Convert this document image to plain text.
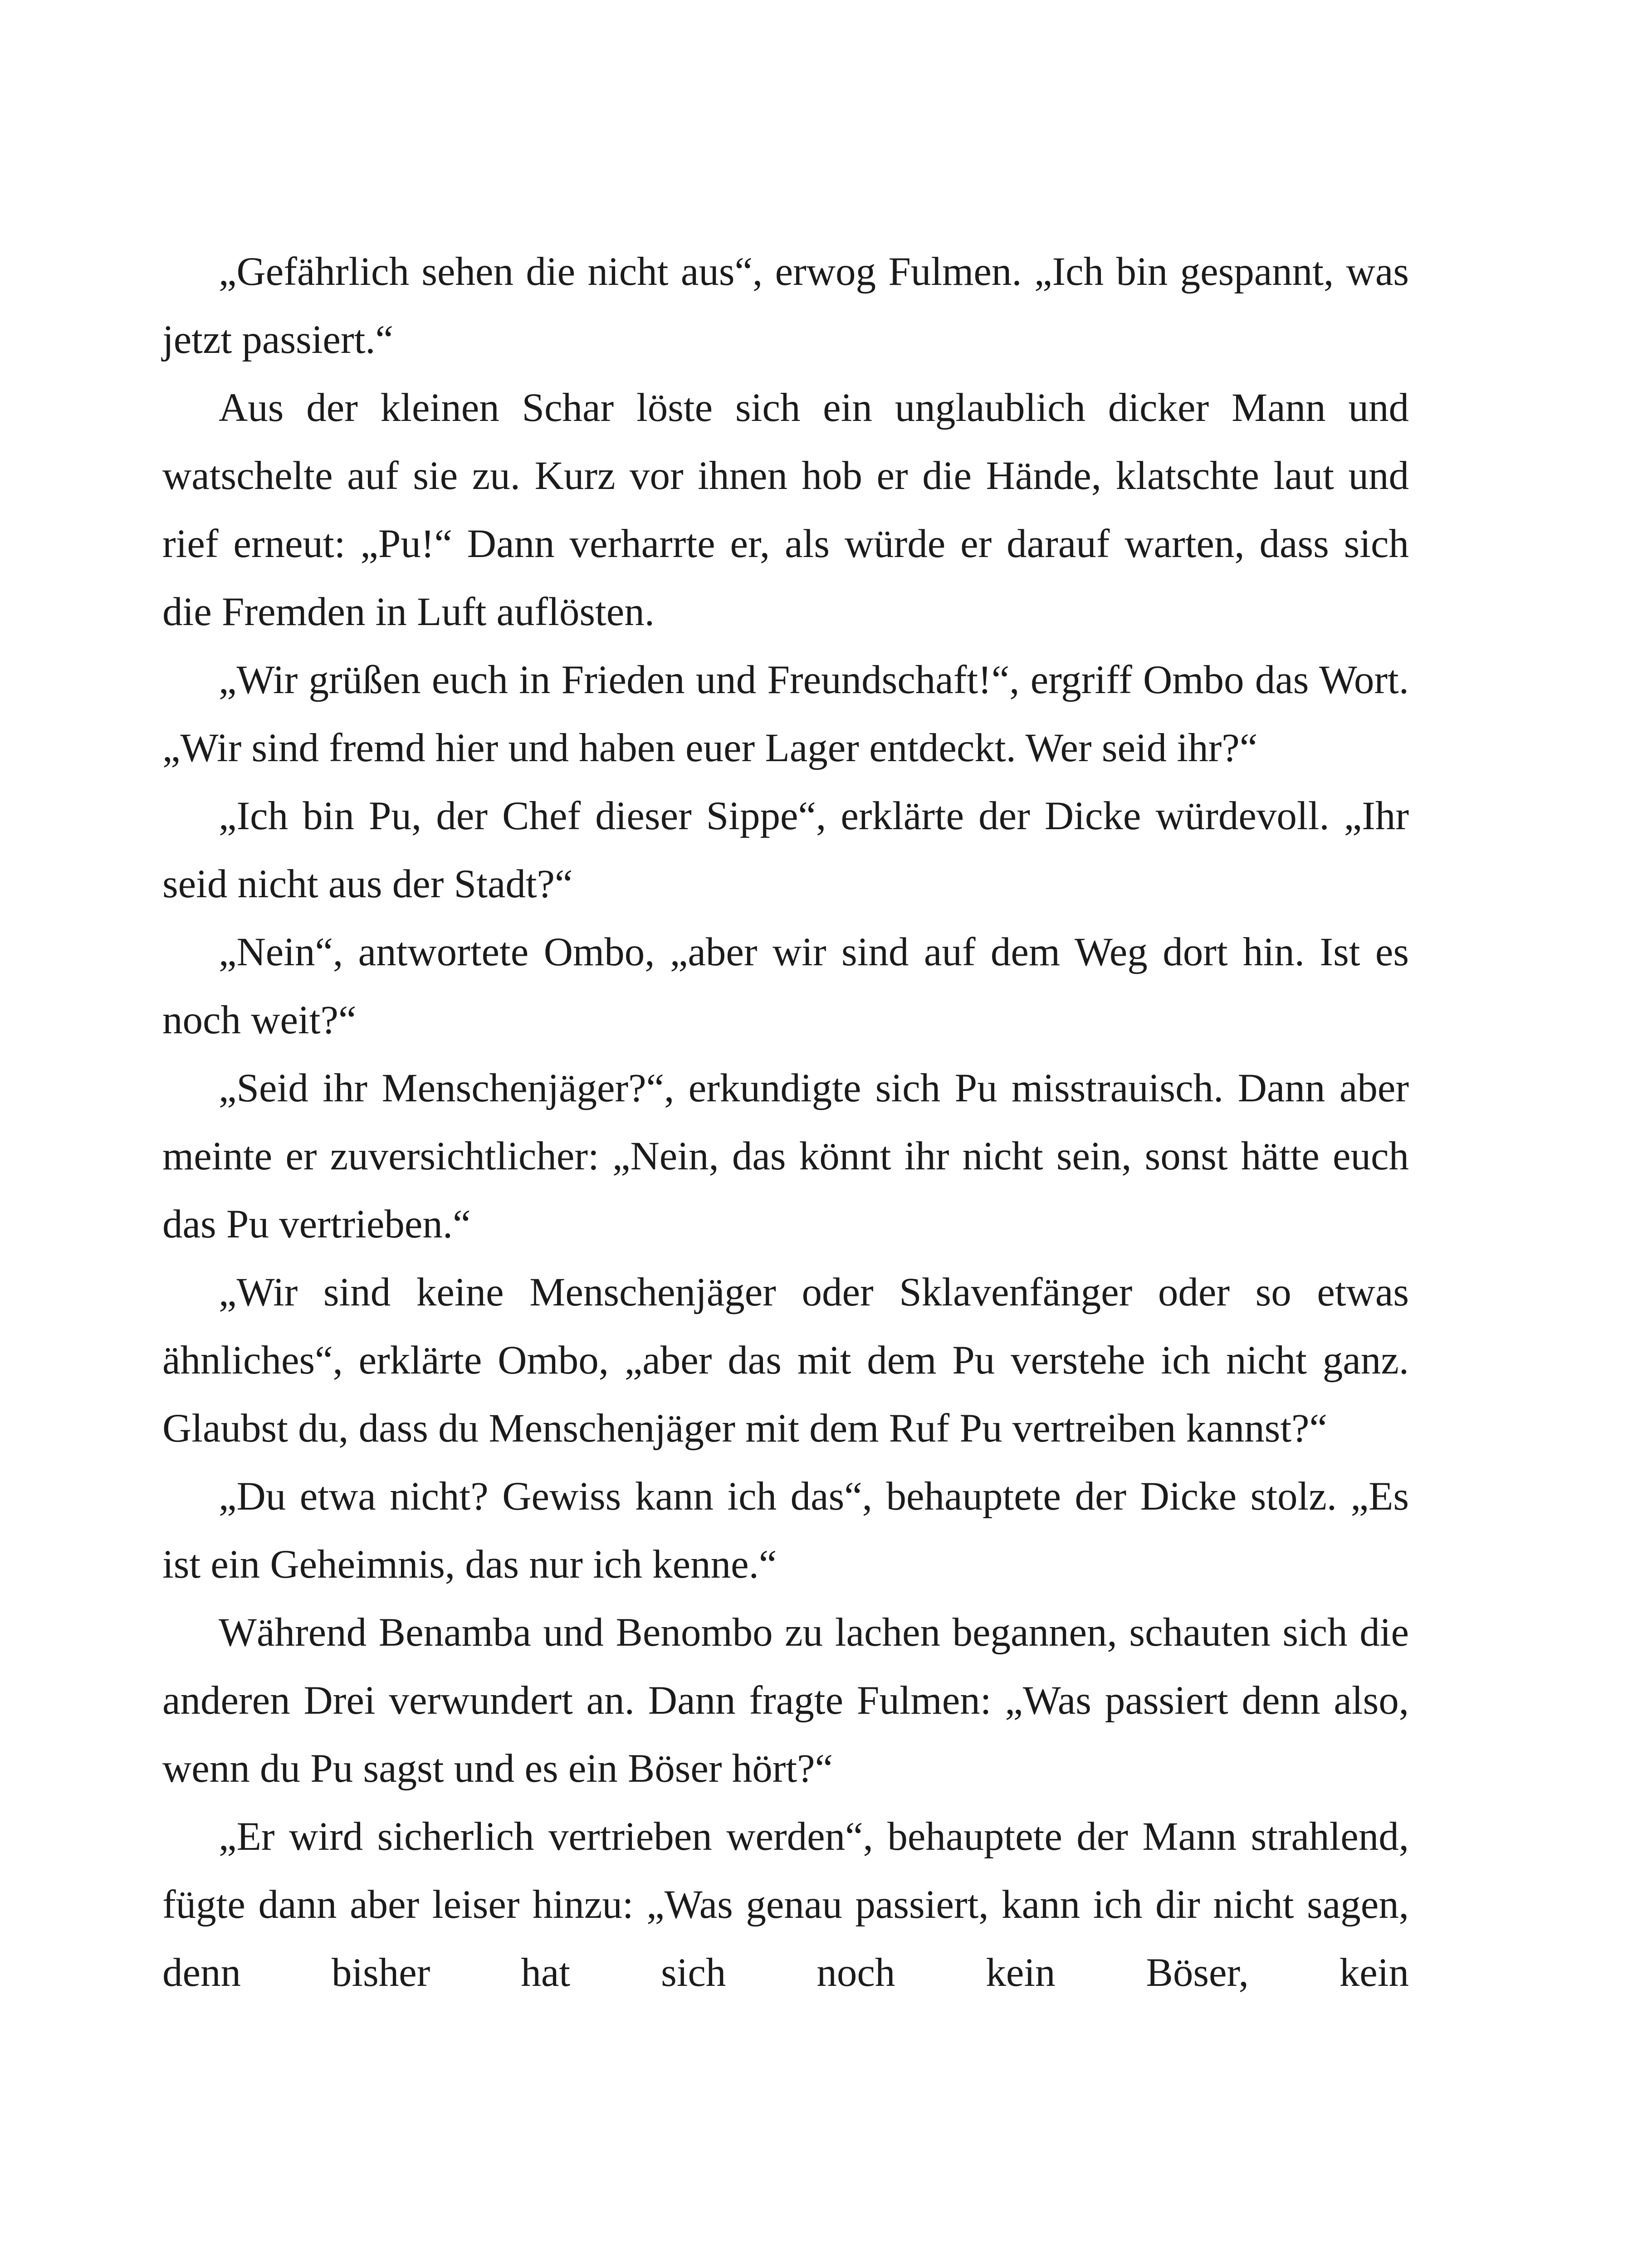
„Gefährlich sehen die nicht aus“, erwog Fulmen. „Ich bin gespannt, was jetzt passiert.“

Aus der kleinen Schar löste sich ein unglaublich dicker Mann und watschelte auf sie zu. Kurz vor ihnen hob er die Hände, klatschte laut und rief erneut: „Pu!“ Dann verharrte er, als würde er darauf warten, dass sich die Fremden in Luft auflösten.

„Wir grüßen euch in Frieden und Freundschaft!“, ergriff Ombo das Wort. „Wir sind fremd hier und haben euer Lager entdeckt. Wer seid ihr?“

„Ich bin Pu, der Chef dieser Sippe“, erklärte der Dicke würdevoll. „Ihr seid nicht aus der Stadt?“

„Nein“, antwortete Ombo, „aber wir sind auf dem Weg dort hin. Ist es noch weit?“

„Seid ihr Menschenjäger?“, erkundigte sich Pu misstrauisch. Dann aber meinte er zuversichtlicher: „Nein, das könnt ihr nicht sein, sonst hätte euch das Pu vertrieben.“

„Wir sind keine Menschenjäger oder Sklavenfänger oder so etwas ähnliches“, erklärte Ombo, „aber das mit dem Pu verstehe ich nicht ganz. Glaubst du, dass du Menschenjäger mit dem Ruf Pu vertreiben kannst?“

„Du etwa nicht? Gewiss kann ich das“, behauptete der Dicke stolz. „Es ist ein Geheimnis, das nur ich kenne.“

Während Benamba und Benombo zu lachen begannen, schauten sich die anderen Drei verwundert an. Dann fragte Fulmen: „Was passiert denn also, wenn du Pu sagst und es ein Böser hört?“

„Er wird sicherlich vertrieben werden“, behauptete der Mann strahlend, fügte dann aber leiser hinzu: „Was genau passiert, kann ich dir nicht sagen, denn bisher hat sich noch kein Böser, kein
